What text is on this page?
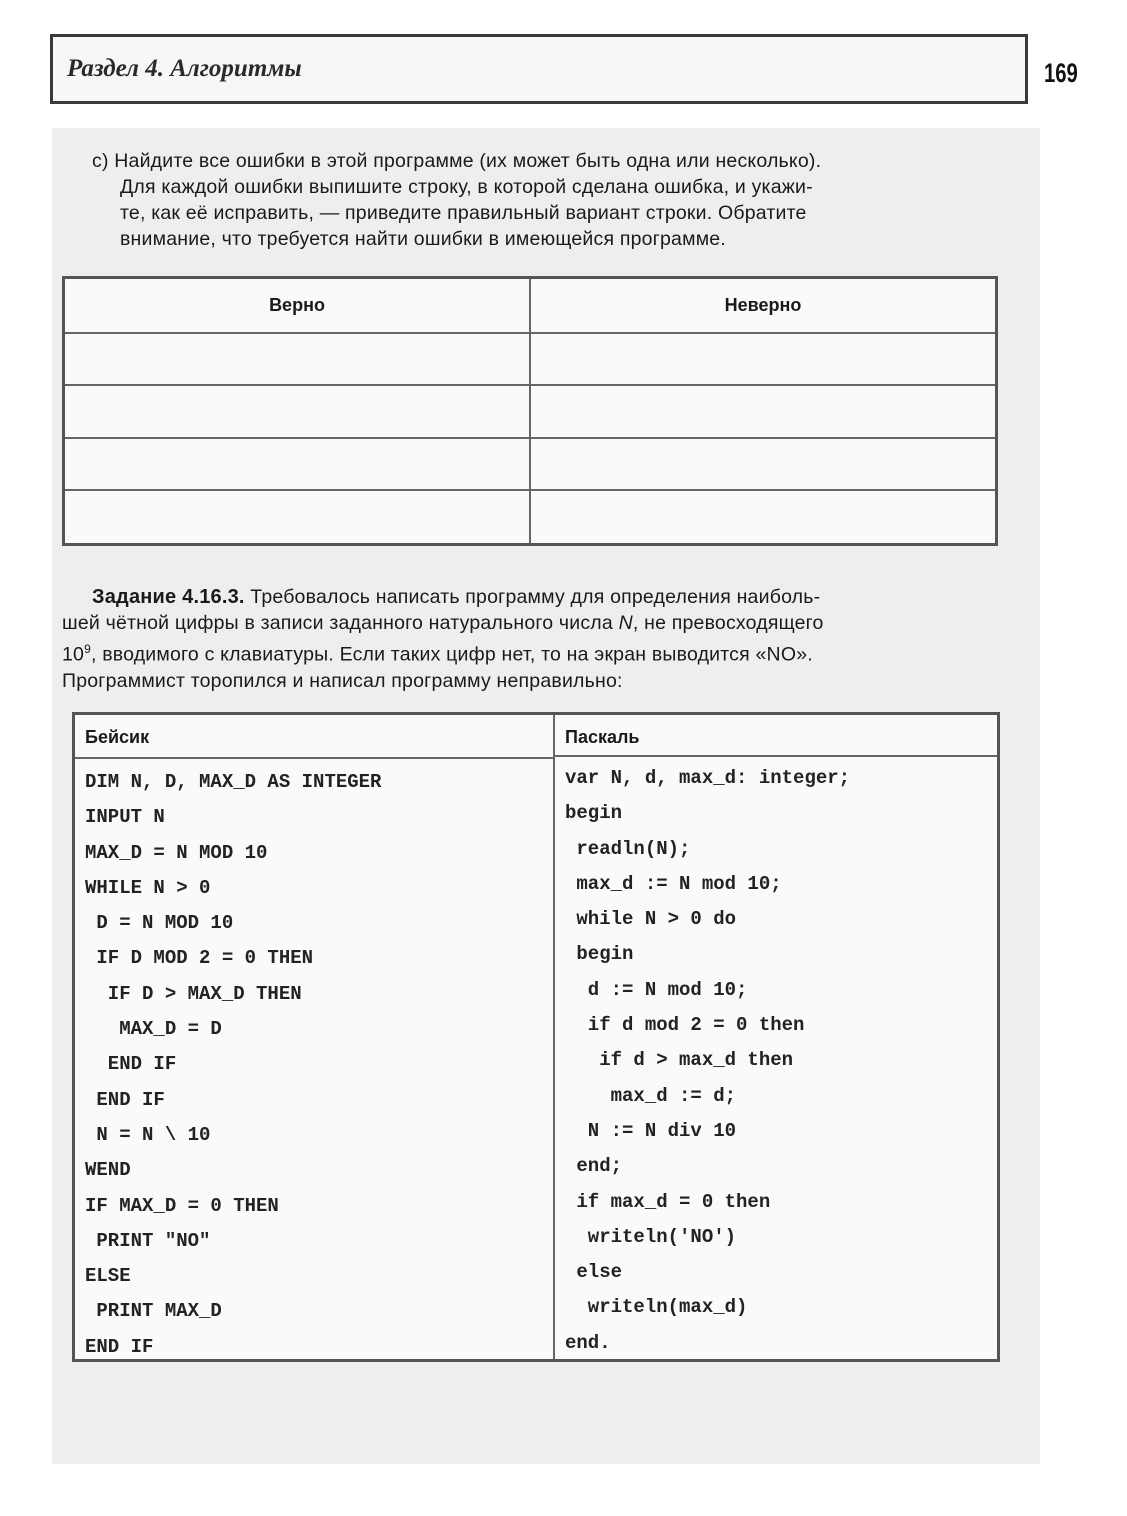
Раздел 4. Алгоритмы	169
с) Найдите все ошибки в этой программе (их может быть одна или несколько).
Для каждой ошибки выпишите строку, в которой сделана ошибка, и укажи-
те, как её исправить, — приведите правильный вариант строки. Обратите
внимание, что требуется найти ошибки в имеющейся программе.
Верно	Неверно
Задание 4.16.3. Требовалось написать программу для определения наиболь-
шей чётной цифры в записи заданного натурального числа N, не превосходящего
$10^9$, вводимого с клавиатуры. Если таких цифр нет, то на экран выводится «NO».
Программист торопился и написал программу неправильно:
Бейсик	Паскаль
DIM N, D, MAX_D AS INTEGER
INPUT N
MAX_D = N MOD 10
WHILE N > 0
D = N MOD 10
IF D MOD 2 = 0 THEN
IF D > MAX_D THEN
MAX_D = D
END IF
END IF
N = N \ 10
WEND
IF MAX_D = 0 THEN
PRINT "NO"
ELSE
PRINT MAX_D
END IF
var N, d, max_d: integer;
begin
readln(N);
max_d := N mod 10;
while N > 0 do
begin
d := N mod 10;
if d mod 2 = 0 then
if d > max_d then
max_d := d;
N := N div 10
end;
if max_d = 0 then
writeln('NO')
else
writeln(max_d)
end.
